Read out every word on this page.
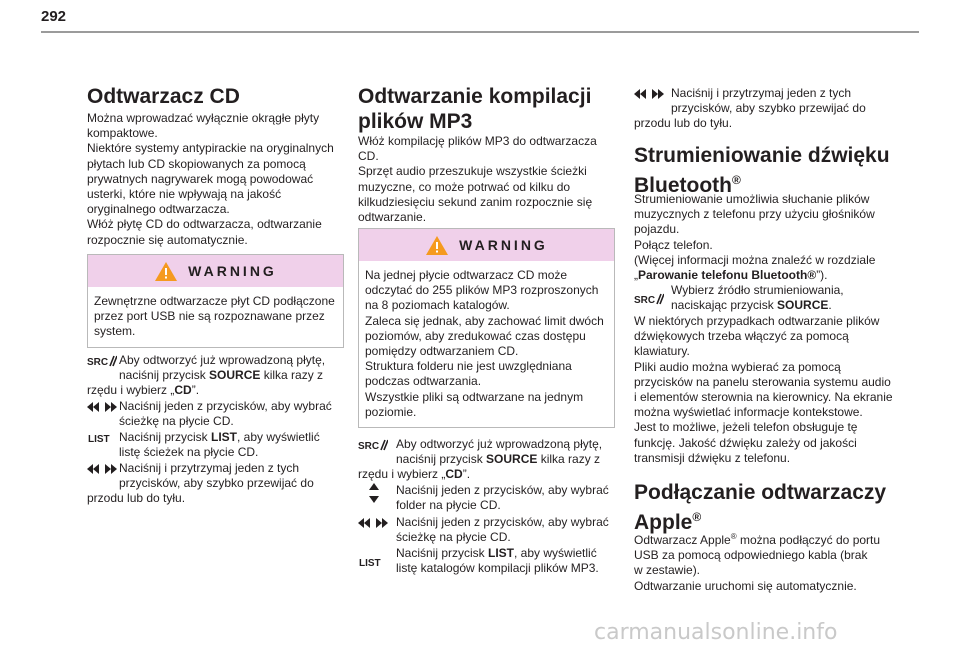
292
Odtwarzacz CD

Można wprowadzać wyłącznie okrągłe płyty

kompaktowe.

Niektóre systemy antypirackie na oryginalnych

płytach lub CD skopiowanych za pomocą

prywatnych nagrywarek mogą powodować

usterki, które nie wpływają na jakość

oryginalnego odtwarzacza.

Włóż płytę CD do odtwarzacza, odtwarzanie

rozpocznie się automatycznie.

WARNING

Zewnętrzne odtwarzacze płyt CD podłączone

przez port USB nie są rozpoznawane przez

system.

SRC Aby odtworzyć już wprowadzoną płytę,

naciśnij przycisk SOURCE kilka razy z

rzędu i wybierz „CD”.

Naciśnij jeden z przycisków, aby wybrać

ścieżkę na płycie CD.

LIST Naciśnij przycisk LIST, aby wyświetlić

listę ścieżek na płycie CD.

Naciśnij i przytrzymaj jeden z tych

przycisków, aby szybko przewijać do

przodu lub do tyłu.

Odtwarzanie kompilacji
plików MP3

Włóż kompilację plików MP3 do odtwarzacza

CD.

Sprzęt audio przeszukuje wszystkie ścieżki

muzyczne, co może potrwać od kilku do

kilkudziesięciu sekund zanim rozpocznie się

odtwarzanie.

WARNING

Na jednej płycie odtwarzacz CD może

odczytać do 255 plików MP3 rozproszonych

na 8 poziomach katalogów.

Zaleca się jednak, aby zachować limit dwóch

poziomów, aby zredukować czas dostępu

pomiędzy odtwarzaniem CD.

Struktura folderu nie jest uwzględniana

podczas odtwarzania.

Wszystkie pliki są odtwarzane na jednym

poziomie.

SRC	Aby odtworzyć już wprowadzoną płytę,

naciśnij przycisk SOURCE kilka razy z

rzędu i wybierz „CD”.

Naciśnij jeden z przycisków, aby wybrać

folder na płycie CD.

Naciśnij jeden z przycisków, aby wybrać

ścieżkę na płycie CD.

LIST

Naciśnij przycisk LIST, aby wyświetlić

listę katalogów kompilacji plików MP3.

Naciśnij i przytrzymaj jeden z tych

przycisków, aby szybko przewijać do

przodu lub do tyłu.

Strumieniowanie dźwięku
Bluetooth®

Strumieniowanie umożliwia słuchanie plików

muzycznych z telefonu przy użyciu głośników

pojazdu.

Połącz telefon.

(Więcej informacji można znaleźć w rozdziale

„Parowanie telefonu Bluetooth®”).

SRC

Wybierz źródło strumieniowania,

naciskając przycisk SOURCE.

W niektórych przypadkach odtwarzanie plików

dźwiękowych trzeba włączyć za pomocą

klawiatury.

Pliki audio można wybierać za pomocą

przycisków na panelu sterowania systemu audio

i elementów sterownia na kierownicy. Na ekranie

można wyświetlać informacje kontekstowe.

Jest to możliwe, jeżeli telefon obsługuje tę

funkcję. Jakość dźwięku zależy od jakości

transmisji dźwięku z telefonu.

Podłączanie odtwarzaczy
Apple®

Odtwarzacz Apple® można podłączyć do portu

USB za pomocą odpowiedniego kabla (brak

w zestawie).

Odtwarzanie uruchomi się automatycznie.

carmanualsonline.info
